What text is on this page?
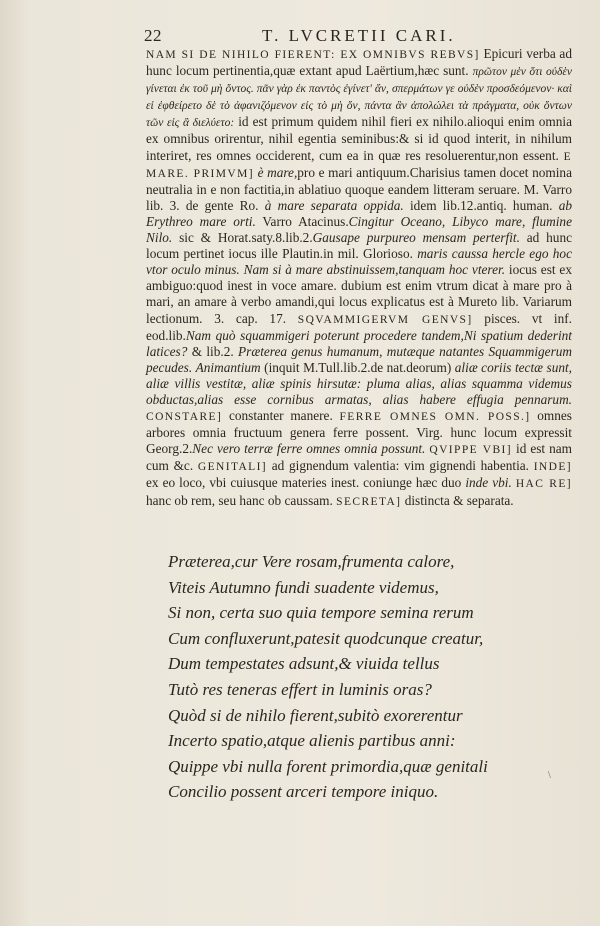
22	T. LVCRETII CARI.

NAM SI DE NIHILO FIERENT: EX OMNIBVS REBVS] Epicuri verba ad hunc locum pertinentia,quæ extant apud Laërtium,hæc sunt. πρῶτον μὲν ὅτι οὐδὲν γίνεται ἐκ τοῦ μὴ ὄντος. πᾶν γὰρ ἐκ παντὸς ἐγίνετ' ἄν, σπερμάτων γε οὐδὲν προσδεόμενον· καὶ εἰ ἐφθείρετο δὲ τὸ ἀφανιζόμενον εἰς τὸ μὴ ὄν, πάντα ἂν ἀπολώλει τὰ πράγματα, οὐκ ὄντων τῶν εἰς ἃ διελύετο: id est primum quidem nihil fieri ex nihilo.alioqui enim omnia ex omnibus orirentur, nihil egentia seminibus:& si id quod interit, in nihilum interiret, res omnes occiderent, cum ea in quæ res resoluerentur,non essent. E MARE. PRIMVM] è mare,pro e mari antiquum.Charisius tamen docet nomina neutralia in e non factitia,in ablatiuo quoque eandem litteram seruare. M. Varro lib. 3. de gente Ro. à mare separata oppida. idem lib.12.antiq. human. ab Erythreo mare orti. Varro Atacinus.Cingitur Oceano, Libyco mare, flumine Nilo. sic & Horat.saty.8.lib.2.Gausape purpureo mensam perterfit. ad hunc locum pertinet iocus ille Plautin.in mil. Gloriosо. maris caussa hercle ego hoc vtor oculo minus. Nam si à mare abstinuissem,tanquam hoc vterer. iocus est ex ambiguo:quod inest in voce amare. dubium est enim vtrum dicat à mare pro à mari, an amare à verbo amandi,qui locus explicatus est à Mureto lib. Variarum lectionum. 3. cap. 17. SQVAMMIGERVM GENVS] pisces. vt inf. eod.lib.Nam quò squammigeri poterunt procedere tandem,Ni spatium dederint latices? & lib.2. Præterea genus humanum, mutæque natantes Squammigerum pecudes. Animantium (inquit M.Tull.lib.2.de nat.deorum) aliæ coriis tectæ sunt, aliæ villis vestitæ, aliæ spinis hirsutæ: pluma alias, alias squamma videmus obductas,alias esse cornibus armatas, alias habere effugia pennarum. CONSTARE] constanter manere. FERRE OMNES OMN. POSS.] omnes arbores omnia fructuum genera ferre possent. Virg. hunc locum expressit Georg.2.Nec vero terræ ferre omnes omnia possunt. QVIPPE VBI] id est nam cum &c. GENITALI] ad gignendum valentia: vim gignendi habentia. INDE] ex eo loco, vbi cuiusque materies inest. coniunge hæc duo inde vbi. HAC RE] hanc ob rem, seu hanc ob caussam. SECRETA] distincta & separata.

Præterea,cur Vere rosam,frumenta calore,
Viteis Autumno fundi suadente videmus,
Si non, certa suo quia tempore semina rerum
Cum confluxerunt,patesit quodcunque creatur,
Dum tempestates adsunt,& viuida tellus
Tutò res teneras effert in luminis oras?
Quòd si de nihilo fierent,subitò exorerentur
Incerto spatio,atque alienis partibus anni:
Quippe vbi nulla forent primordia,quæ genitali
Concilio possent arceri tempore iniquo.
\
